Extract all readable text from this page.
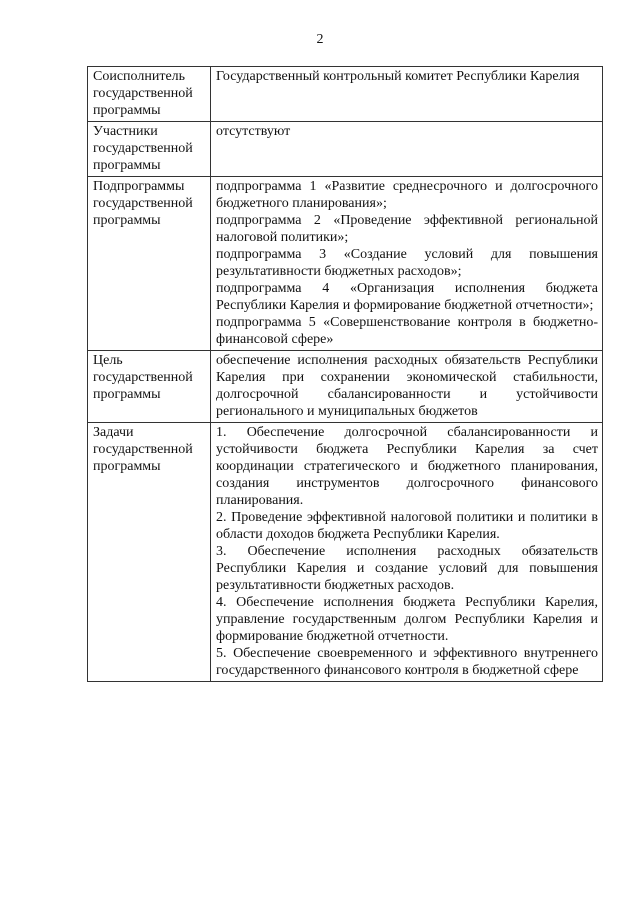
2
Соисполнитель государственной программы	Государственный контрольный комитет Республики Карелия

Участники государственной программы	отсутствуют

Подпрограммы государственной программы	подпрограмма 1 «Развитие среднесрочного и долгосрочного бюджетного планирования»;
подпрограмма 2 «Проведение эффективной региональной налоговой политики»;
подпрограмма 3 «Создание условий для повышения результативности бюджетных расходов»;
подпрограмма 4 «Организация исполнения бюджета Республики Карелия и формирование бюджетной отчетности»;
подпрограмма 5 «Совершенствование контроля в бюджетно-финансовой сфере»

Цель государственной программы	обеспечение исполнения расходных обязательств Республики Карелия при сохранении экономической стабильности, долгосрочной сбалансированности и устойчивости регионального и муниципальных бюджетов

Задачи государственной программы	1. Обеспечение долгосрочной сбалансированности и устойчивости бюджета Республики Карелия за счет координации стратегического и бюджетного планирования, создания инструментов долгосрочного финансового планирования.
2. Проведение эффективной налоговой политики и политики в области доходов бюджета Республики Карелия.
3. Обеспечение исполнения расходных обязательств Республики Карелия и создание условий для повышения результативности бюджетных расходов.
4. Обеспечение исполнения бюджета Республики Карелия, управление государственным долгом Республики Карелия и формирование бюджетной отчетности.
5. Обеспечение своевременного и эффективного внутреннего государственного финансового контроля в бюджетной сфере
